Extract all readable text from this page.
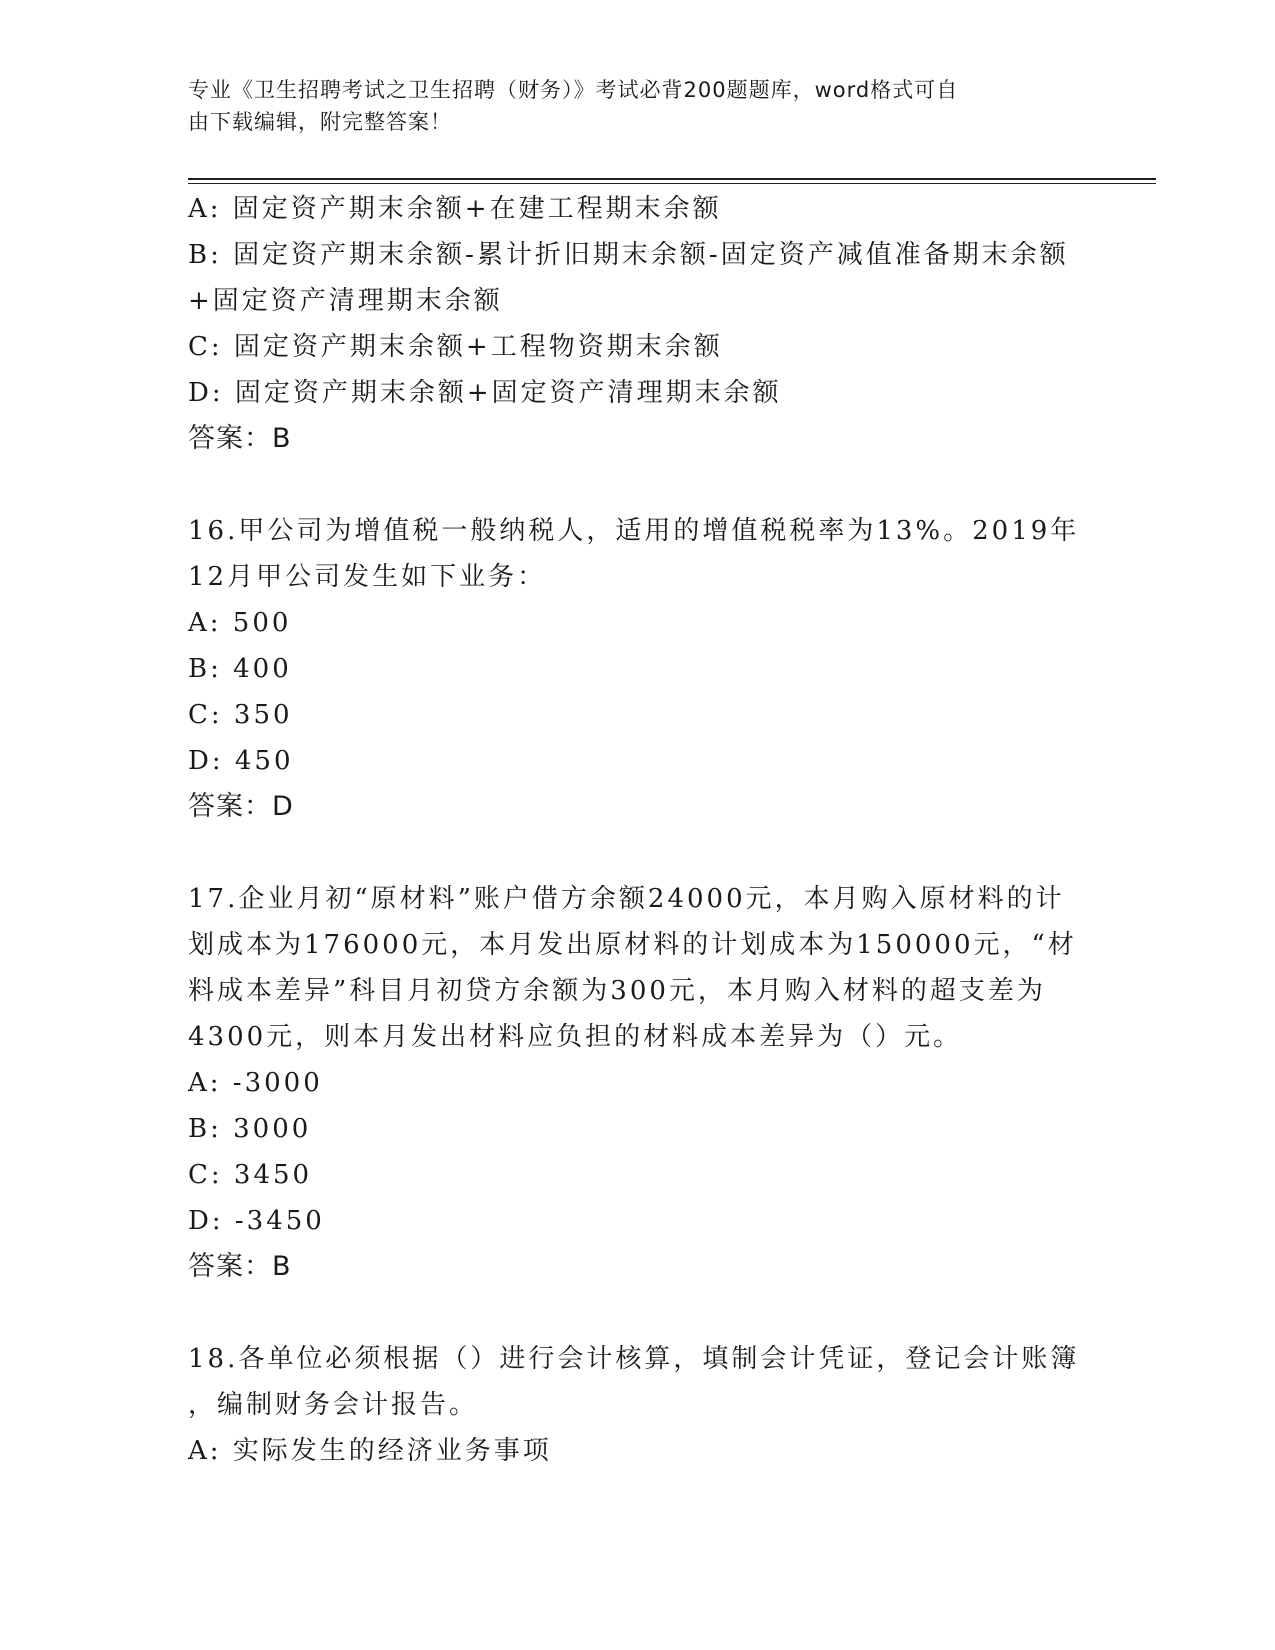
专业《卫生招聘考试之卫生招聘（财务）》考试必背200题题库，word格式可自
由下载编辑，附完整答案！
A: 固定资产期末余额+在建工程期末余额
B: 固定资产期末余额-累计折旧期末余额-固定资产减值准备期末余额
+固定资产清理期末余额
C: 固定资产期末余额+工程物资期末余额
D: 固定资产期末余额+固定资产清理期末余额
答案：B
16.甲公司为增值税一般纳税人，适用的增值税税率为13%。2019年
12月甲公司发生如下业务：
A: 500
B: 400
C: 350
D: 450
答案：D
17.企业月初“原材料”账户借方余额24000元，本月购入原材料的计
划成本为176000元，本月发出原材料的计划成本为150000元，“材
料成本差异”科目月初贷方余额为300元，本月购入材料的超支差为
4300元，则本月发出材料应负担的材料成本差异为（）元。
A: -3000
B: 3000
C: 3450
D: -3450
答案：B
18.各单位必须根据（）进行会计核算，填制会计凭证，登记会计账簿
，编制财务会计报告。
A: 实际发生的经济业务事项
